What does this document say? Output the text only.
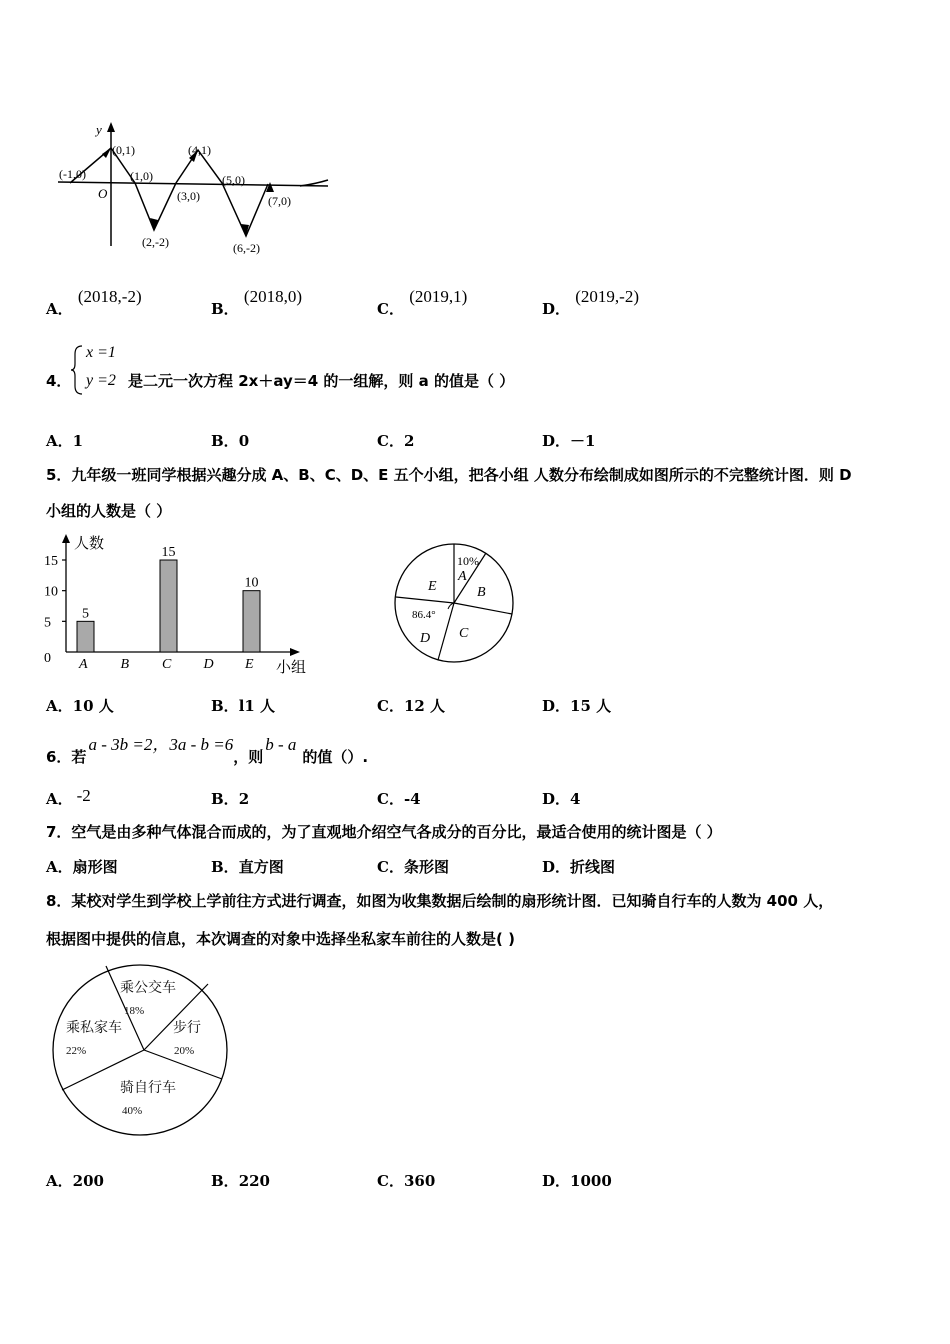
y
O
(-1,0)
(0,1)
(1,0)
(2,-2)
(3,0)
(4,1)
(5,0)
(6,-2)
(7,0)
A． (2018,-2)
B． (2018,0)
C． (2019,1)
D． (2019,-2)
4．
x =1
y =2 是二元一次方程 2x＋ay＝4 的一组解，则 a 的值是（ ）
A．1	B．0	C．2	D．－1
5．九年级一班同学根据兴趣分成 A、B、C、D、E 五个小组，把各小组 人数分布绘制成如图所示的不完整统计图．则 D
小组的人数是（ ）
人数
小组
0
5
10
15
5
15
10
A B C D E
10%
A
B
C
86.4°
D
E
A．10 人	B．l1 人	C．12 人	D．15 人
6．若a - 3b =2，3a - b =6，则b - a的值（）.
A． -2	B．2	C．-4	D．4
7．空气是由多种气体混合而成的，为了直观地介绍空气各成分的百分比，最适合使用的统计图是（ ）
A．扇形图	B．直方图	C．条形图	D．折线图
8．某校对学生到学校上学前往方式进行调查，如图为收集数据后绘制的扇形统计图．已知骑自行车的人数为 400 人，
根据图中提供的信息，本次调查的对象中选择坐私家车前往的人数是( )
乘公交车
18%
步行
20%
骑自行车
40%
乘私家车
22%
A．200	B．220	C．360	D．1000
